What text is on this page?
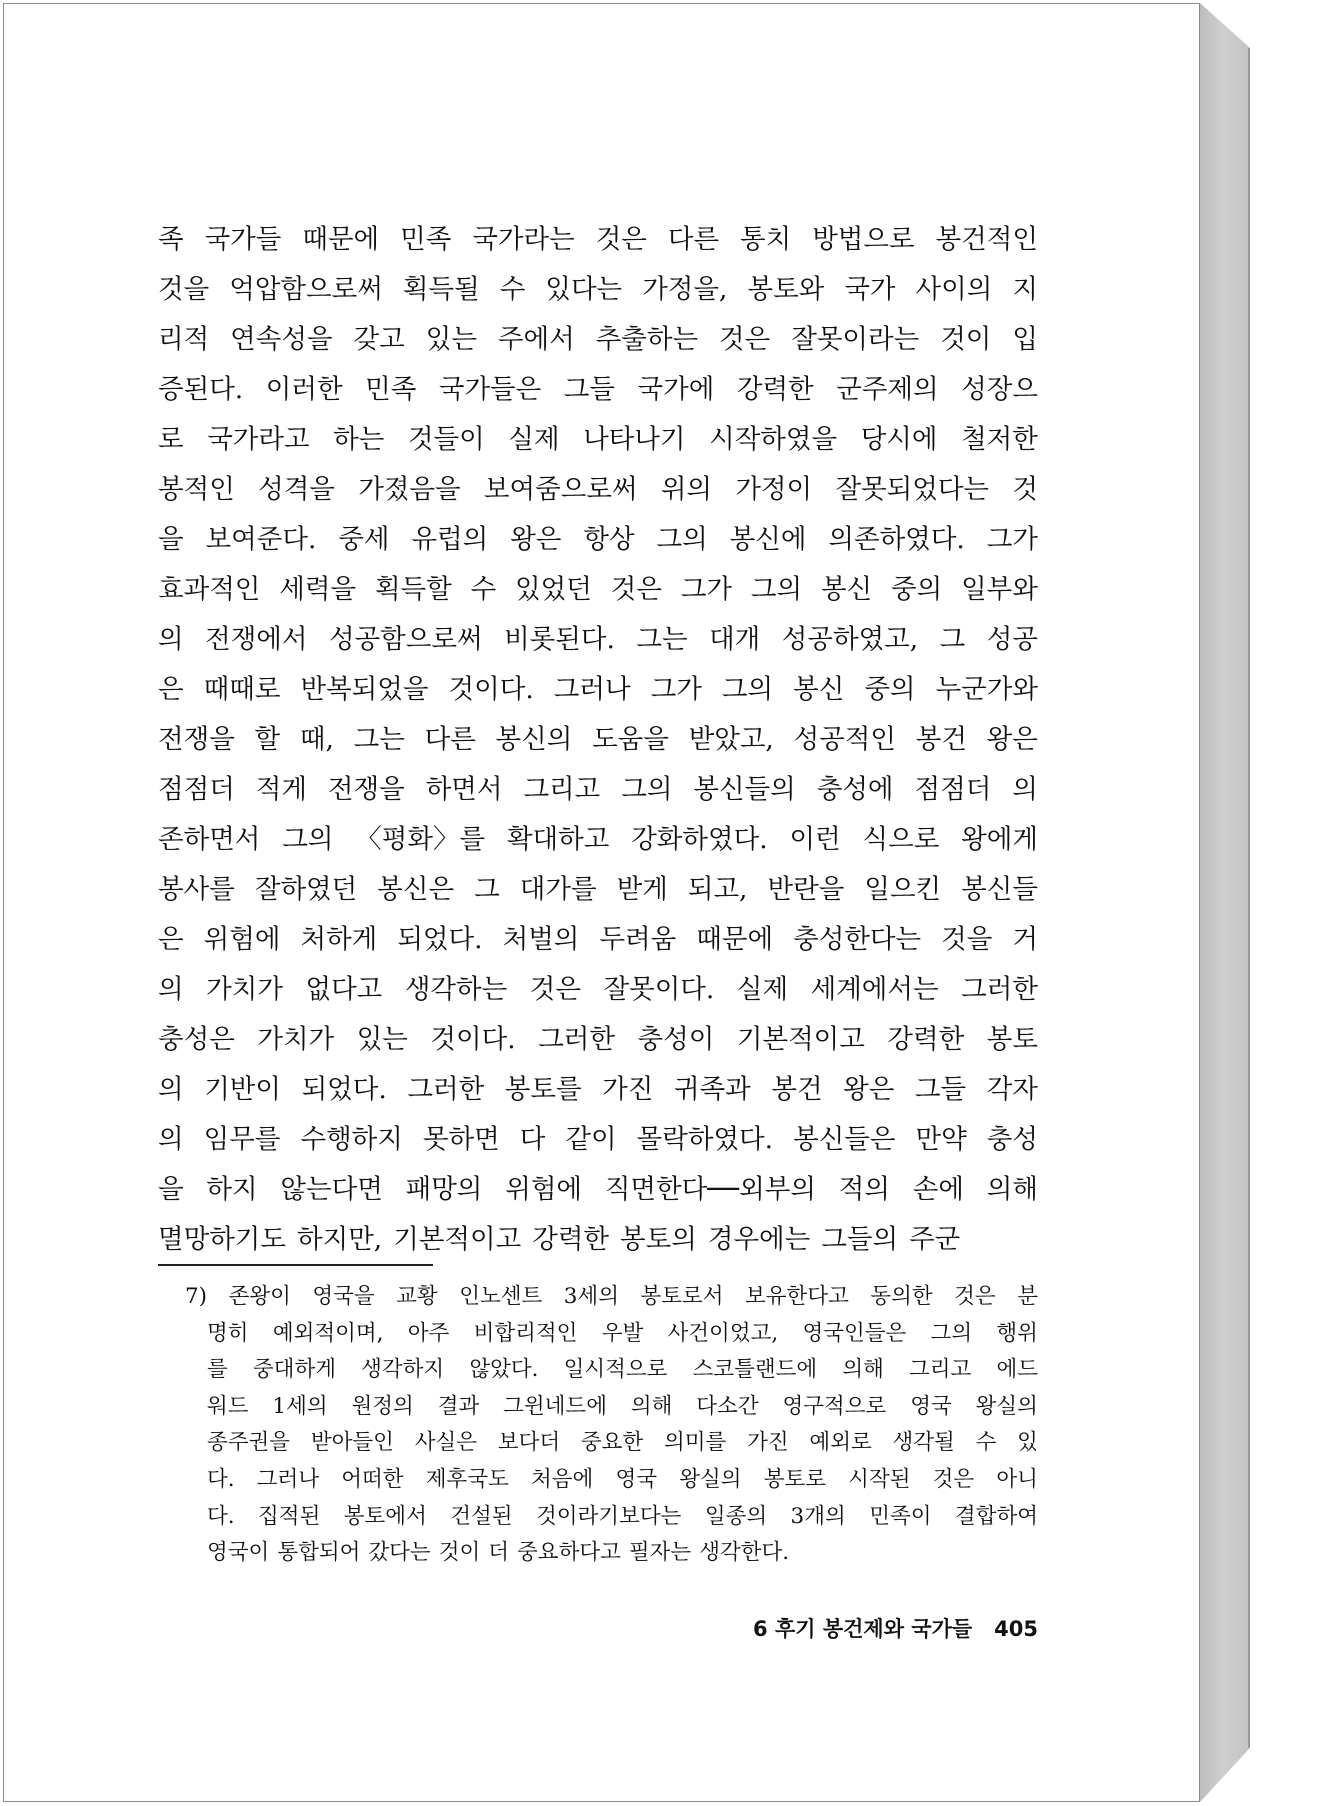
족 국가들 때문에 민족 국가라는 것은 다른 통치 방법으로 봉건적인
것을 억압함으로써 획득될 수 있다는 가정을, 봉토와 국가 사이의 지
리적 연속성을 갖고 있는 주에서 추출하는 것은 잘못이라는 것이 입
증된다. 이러한 민족 국가들은 그들 국가에 강력한 군주제의 성장으
로 국가라고 하는 것들이 실제 나타나기 시작하였을 당시에 철저한
봉적인 성격을 가졌음을 보여줌으로써 위의 가정이 잘못되었다는 것
을 보여준다. 중세 유럽의 왕은 항상 그의 봉신에 의존하였다. 그가
효과적인 세력을 획득할 수 있었던 것은 그가 그의 봉신 중의 일부와
의 전쟁에서 성공함으로써 비롯된다. 그는 대개 성공하였고, 그 성공
은 때때로 반복되었을 것이다. 그러나 그가 그의 봉신 중의 누군가와
전쟁을 할 때, 그는 다른 봉신의 도움을 받았고, 성공적인 봉건 왕은
점점더 적게 전쟁을 하면서 그리고 그의 봉신들의 충성에 점점더 의
존하면서 그의 〈평화〉를 확대하고 강화하였다. 이런 식으로 왕에게
봉사를 잘하였던 봉신은 그 대가를 받게 되고, 반란을 일으킨 봉신들
은 위험에 처하게 되었다. 처벌의 두려움 때문에 충성한다는 것을 거
의 가치가 없다고 생각하는 것은 잘못이다. 실제 세계에서는 그러한
충성은 가치가 있는 것이다. 그러한 충성이 기본적이고 강력한 봉토
의 기반이 되었다. 그러한 봉토를 가진 귀족과 봉건 왕은 그들 각자
의 임무를 수행하지 못하면 다 같이 몰락하였다. 봉신들은 만약 충성
을 하지 않는다면 패망의 위험에 직면한다──외부의 적의 손에 의해
멸망하기도 하지만, 기본적이고 강력한 봉토의 경우에는 그들의 주군
7) 존왕이 영국을 교황 인노센트 3세의 봉토로서 보유한다고 동의한 것은 분
명히 예외적이며, 아주 비합리적인 우발 사건이었고, 영국인들은 그의 행위
를 중대하게 생각하지 않았다. 일시적으로 스코틀랜드에 의해 그리고 에드
워드 1세의 원정의 결과 그윈네드에 의해 다소간 영구적으로 영국 왕실의
종주권을 받아들인 사실은 보다더 중요한 의미를 가진 예외로 생각될 수 있
다. 그러나 어떠한 제후국도 처음에 영국 왕실의 봉토로 시작된 것은 아니
다. 집적된 봉토에서 건설된 것이라기보다는 일종의 3개의 민족이 결합하여
영국이 통합되어 갔다는 것이 더 중요하다고 필자는 생각한다.
6 후기 봉건제와 국가들 405
